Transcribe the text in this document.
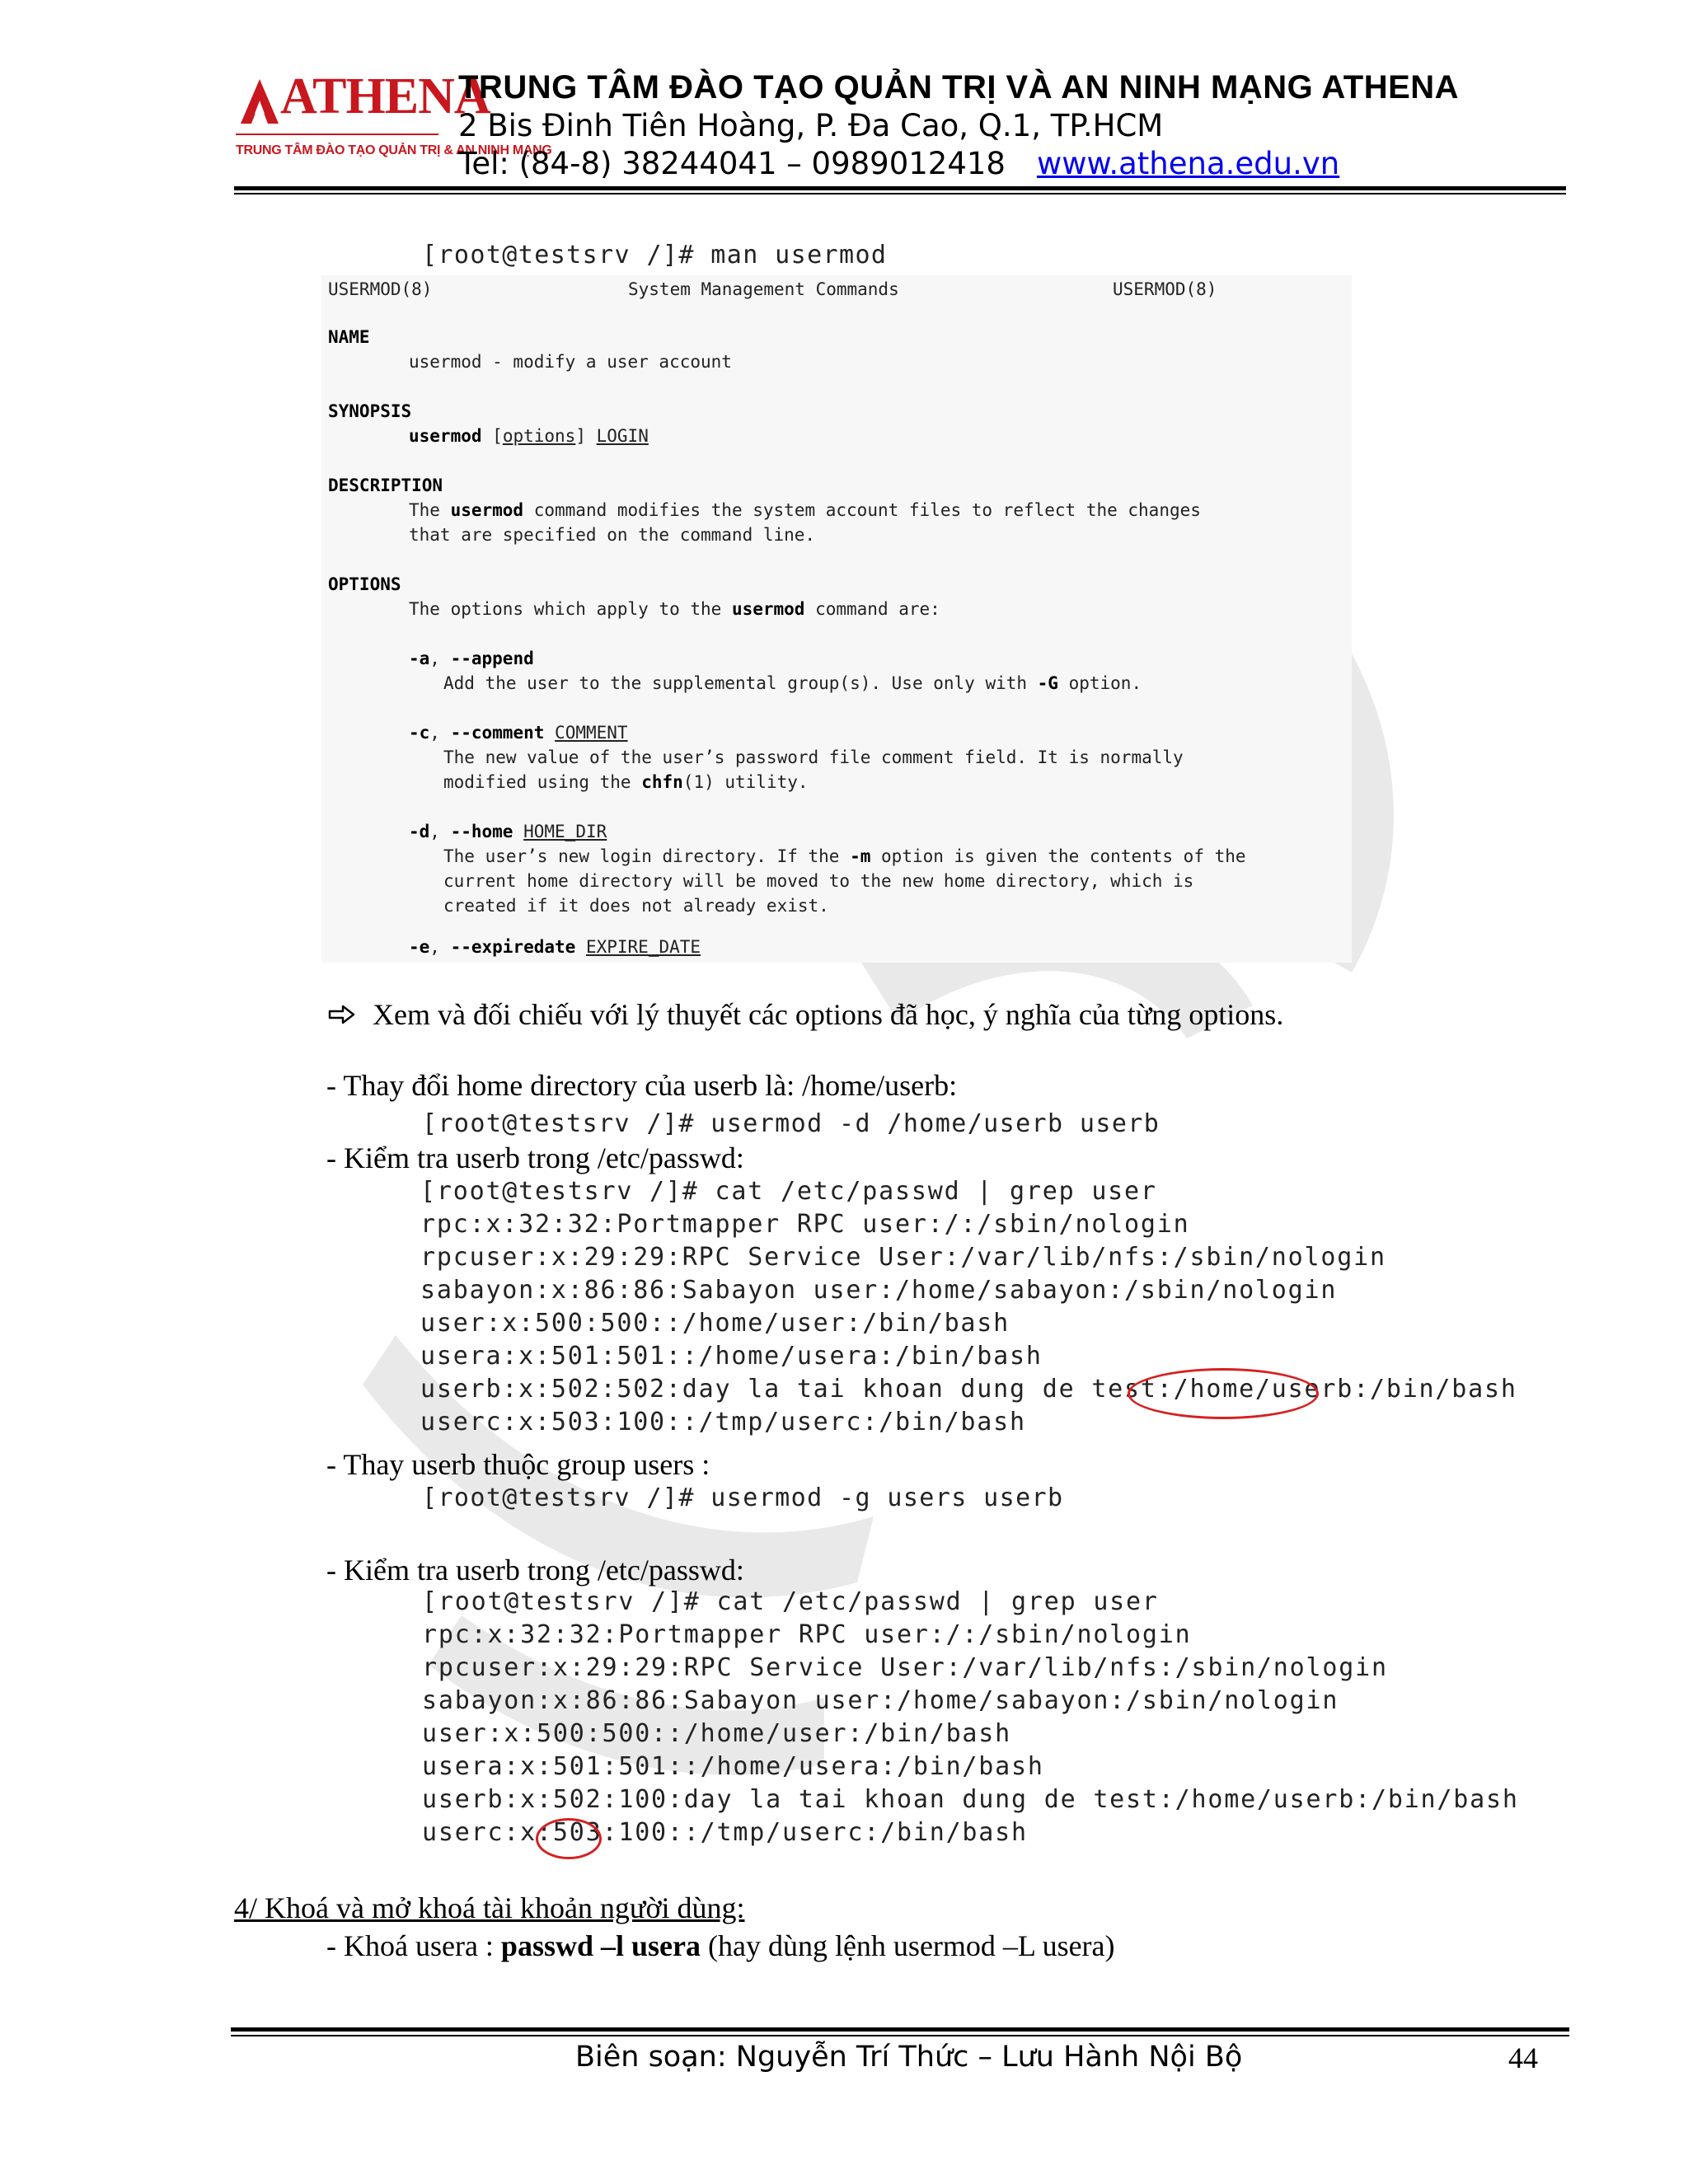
ATHENA
TRUNG TÂM ĐÀO TẠO QUẢN TRỊ & AN NINH MẠNG
TRUNG TÂM ĐÀO TẠO QUẢN TRỊ VÀ AN NINH MẠNG ATHENA
2 Bis Đinh Tiên Hoàng, P. Đa Cao, Q.1, TP.HCM
Tel: (84-8) 38244041 – 0989012418 www.athena.edu.vn
[root@testsrv /]# man usermod
USERMOD(8)	System Management Commands	USERMOD(8)
NAME
usermod - modify a user account
SYNOPSIS
usermod [options] LOGIN
DESCRIPTION
The usermod command modifies the system account files to reflect the changes
that are specified on the command line.
OPTIONS
The options which apply to the usermod command are:
-a, --append
Add the user to the supplemental group(s). Use only with -G option.
-c, --comment COMMENT
The new value of the user’s password file comment field. It is normally
modified using the chfn(1) utility.
-d, --home HOME_DIR
The user’s new login directory. If the -m option is given the contents of the
current home directory will be moved to the new home directory, which is
created if it does not already exist.
-e, --expiredate EXPIRE_DATE
Xem và đối chiếu với lý thuyết các options đã học, ý nghĩa của từng options.
- Thay đổi home directory của userb là: /home/userb:
[root@testsrv /]# usermod -d /home/userb userb
- Kiểm tra userb trong /etc/passwd:
[root@testsrv /]# cat /etc/passwd | grep user
rpc:x:32:32:Portmapper RPC user:/:/sbin/nologin
rpcuser:x:29:29:RPC Service User:/var/lib/nfs:/sbin/nologin
sabayon:x:86:86:Sabayon user:/home/sabayon:/sbin/nologin
user:x:500:500::/home/user:/bin/bash
usera:x:501:501::/home/usera:/bin/bash
userb:x:502:502:day la tai khoan dung de test:/home/userb:/bin/bash
userc:x:503:100::/tmp/userc:/bin/bash
- Thay userb thuộc group users :
[root@testsrv /]# usermod -g users userb
- Kiểm tra userb trong /etc/passwd:
[root@testsrv /]# cat /etc/passwd | grep user
rpc:x:32:32:Portmapper RPC user:/:/sbin/nologin
rpcuser:x:29:29:RPC Service User:/var/lib/nfs:/sbin/nologin
sabayon:x:86:86:Sabayon user:/home/sabayon:/sbin/nologin
user:x:500:500::/home/user:/bin/bash
usera:x:501:501::/home/usera:/bin/bash
userb:x:502:100:day la tai khoan dung de test:/home/userb:/bin/bash
userc:x:503:100::/tmp/userc:/bin/bash
4/ Khoá và mở khoá tài khoản người dùng:
- Khoá usera : passwd –l usera (hay dùng lệnh usermod –L usera)
Biên soạn: Nguyễn Trí Thức – Lưu Hành Nội Bộ	44
